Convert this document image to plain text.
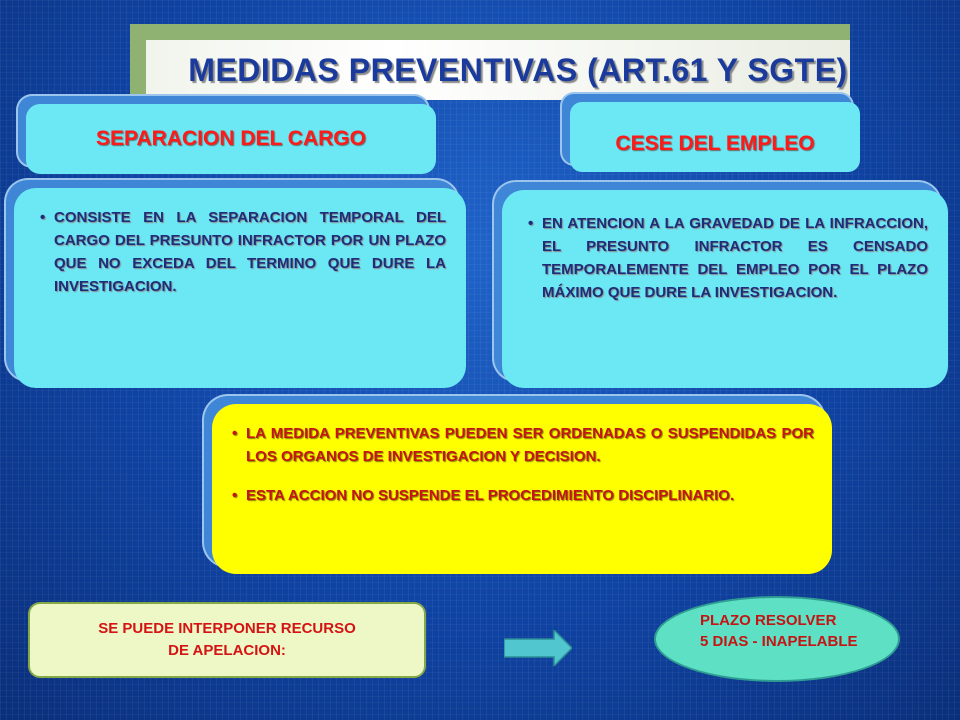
MEDIDAS PREVENTIVAS (ART.61 Y SGTE)
SEPARACION DEL CARGO	CESE DEL EMPLEO
• CONSISTE EN LA SEPARACION TEMPORAL DEL CARGO DEL PRESUNTO INFRACTOR POR UN PLAZO QUE NO EXCEDA DEL TERMINO QUE DURE LA INVESTIGACION.
• EN ATENCION A LA GRAVEDAD DE LA INFRACCION, EL PRESUNTO INFRACTOR ES CENSADO TEMPORALEMENTE DEL EMPLEO POR EL PLAZO MÁXIMO QUE DURE LA INVESTIGACION.
• LA MEDIDA PREVENTIVAS PUEDEN SER ORDENADAS O SUSPENDIDAS POR LOS ORGANOS DE INVESTIGACION Y DECISION.
• ESTA ACCION NO SUSPENDE EL PROCEDIMIENTO DISCIPLINARIO.
SE PUEDE INTERPONER RECURSO
DE APELACION:
PLAZO RESOLVER
5 DIAS - INAPELABLE
